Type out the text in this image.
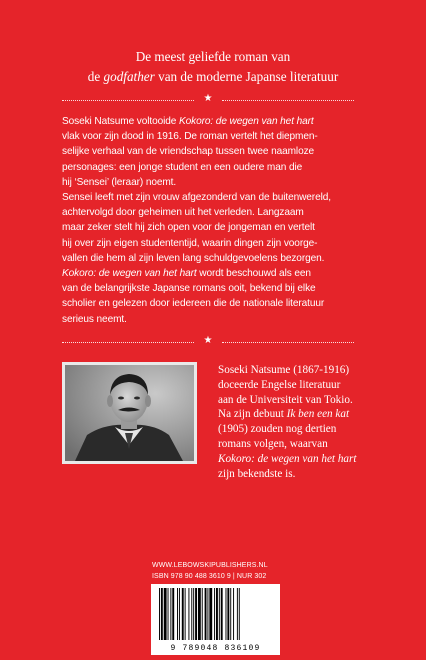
De meest geliefde roman van
de godfather van de moderne Japanse literatuur
★

Soseki Natsume voltooide Kokoro: de wegen van het hart
vlak voor zijn dood in 1916. De roman vertelt het diepmen-
selijke verhaal van de vriendschap tussen twee naamloze
personages: een jonge student en een oudere man die
hij ‘Sensei’ (leraar) noemt.

Sensei leeft met zijn vrouw afgezonderd van de buitenwereld,
achtervolgd door geheimen uit het verleden. Langzaam
maar zeker stelt hij zich open voor de jongeman en vertelt
hij over zijn eigen studententijd, waarin dingen zijn voorge-
vallen die hem al zijn leven lang schuldgevoelens bezorgen.

Kokoro: de wegen van het hart wordt beschouwd als een
van de belangrijkste Japanse romans ooit, bekend bij elke
scholier en gelezen door iedereen die de nationale literatuur
serieus neemt.

★
Soseki Natsume (1867-1916)
doceerde Engelse literatuur
aan de Universiteit van Tokio.
Na zijn debuut Ik ben een kat
(1905) zouden nog dertien
romans volgen, waarvan
Kokoro: de wegen van het hart
zijn bekendste is.
WWW.LEBOWSKIPUBLISHERS.NL
ISBN 978 90 488 3610 9 | NUR 302
9 789048 836109
